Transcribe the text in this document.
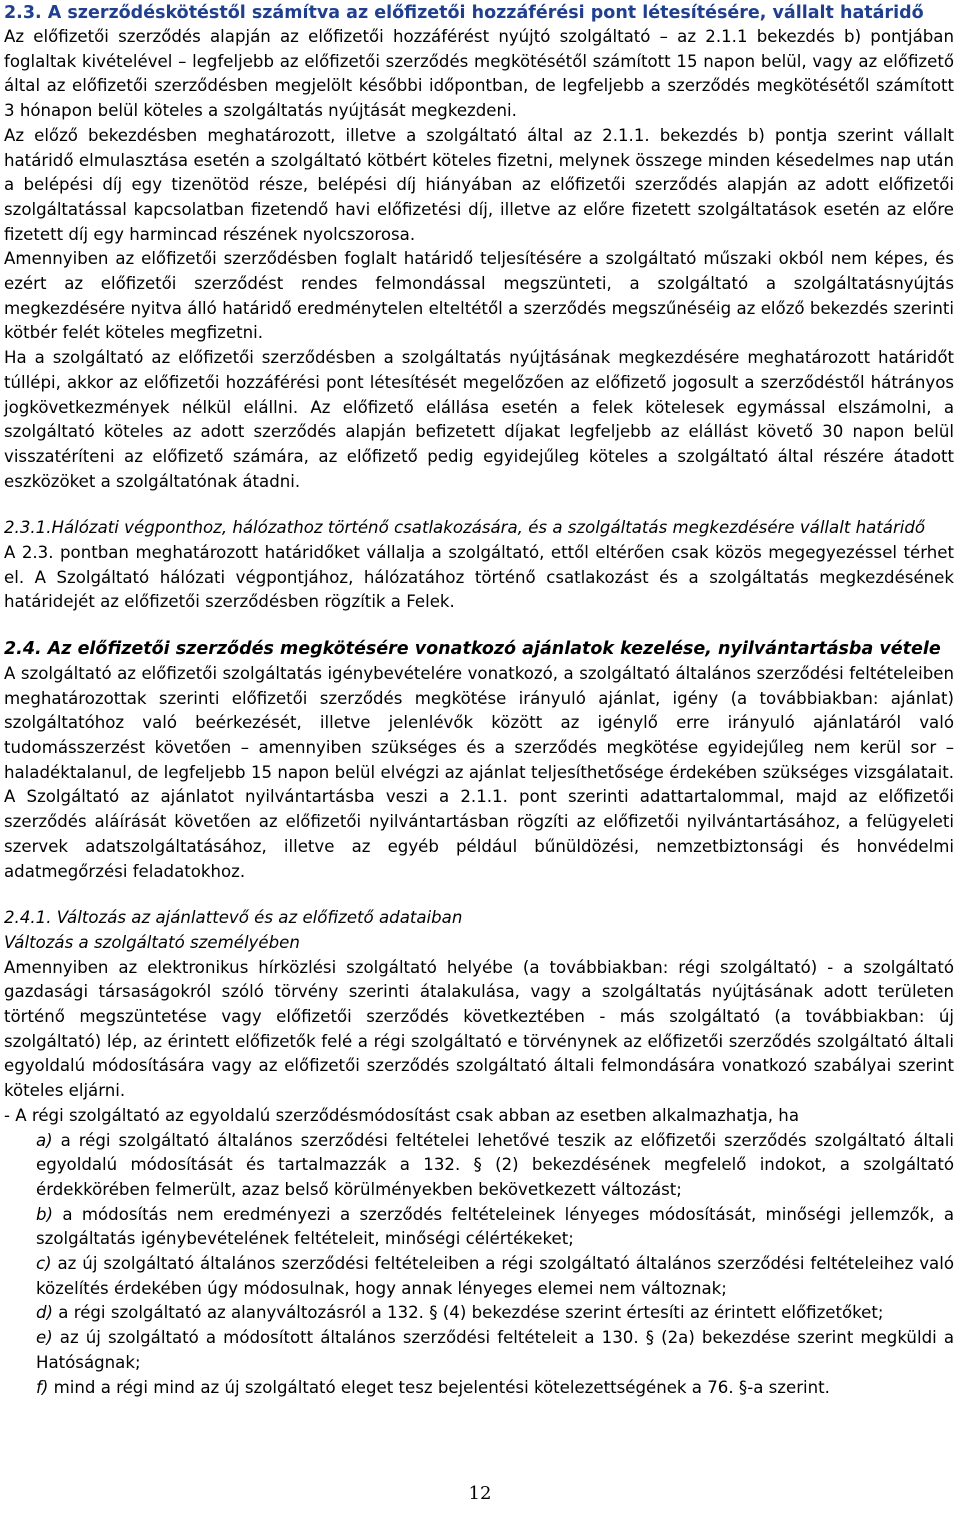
2.3. A szerződéskötéstől számítva az előfizetői hozzáférési pont létesítésére, vállalt határidő

Az előfizetői szerződés alapján az előfizetői hozzáférést nyújtó szolgáltató – az 2.1.1 bekezdés b) pontjában foglaltak kivételével – legfeljebb az előfizetői szerződés megkötésétől számított 15 napon belül, vagy az előfizető által az előfizetői szerződésben megjelölt későbbi időpontban, de legfeljebb a szerződés megkötésétől számított 3 hónapon belül köteles a szolgáltatás nyújtását megkezdeni.

Az előző bekezdésben meghatározott, illetve a szolgáltató által az 2.1.1. bekezdés b) pontja szerint vállalt határidő elmulasztása esetén a szolgáltató kötbért köteles fizetni, melynek összege minden késedelmes nap után a belépési díj egy tizenötöd része, belépési díj hiányában az előfizetői szerződés alapján az adott előfizetői szolgáltatással kapcsolatban fizetendő havi előfizetési díj, illetve az előre fizetett szolgáltatások esetén az előre fizetett díj egy harmincad részének nyolcszorosa.

Amennyiben az előfizetői szerződésben foglalt határidő teljesítésére a szolgáltató műszaki okból nem képes, és ezért az előfizetői szerződést rendes felmondással megszünteti, a szolgáltató a szolgáltatásnyújtás megkezdésére nyitva álló határidő eredménytelen elteltétől a szerződés megszűnéséig az előző bekezdés szerinti kötbér felét köteles megfizetni.

Ha a szolgáltató az előfizetői szerződésben a szolgáltatás nyújtásának megkezdésére meghatározott határidőt túllépi, akkor az előfizetői hozzáférési pont létesítését megelőzően az előfizető jogosult a szerződéstől hátrányos jogkövetkezmények nélkül elállni. Az előfizető elállása esetén a felek kötelesek egymással elszámolni, a szolgáltató köteles az adott szerződés alapján befizetett díjakat legfeljebb az elállást követő 30 napon belül visszatéríteni az előfizető számára, az előfizető pedig egyidejűleg köteles a szolgáltató által részére átadott eszközöket a szolgáltatónak átadni.

2.3.1.Hálózati végponthoz, hálózathoz történő csatlakozására, és a szolgáltatás megkezdésére vállalt határidő

A 2.3. pontban meghatározott határidőket vállalja a szolgáltató, ettől eltérően csak közös megegyezéssel térhet el. A Szolgáltató hálózati végpontjához, hálózatához történő csatlakozást és a szolgáltatás megkezdésének határidejét az előfizetői szerződésben rögzítik a Felek.

2.4. Az előfizetői szerződés megkötésére vonatkozó ajánlatok kezelése, nyilvántartásba vétele

A szolgáltató az előfizetői szolgáltatás igénybevételére vonatkozó, a szolgáltató általános szerződési feltételeiben meghatározottak szerinti előfizetői szerződés megkötése irányuló ajánlat, igény (a továbbiakban: ajánlat) szolgáltatóhoz való beérkezését, illetve jelenlévők között az igénylő erre irányuló ajánlatáról való tudomásszerzést követően – amennyiben szükséges és a szerződés megkötése egyidejűleg nem kerül sor – haladéktalanul, de legfeljebb 15 napon belül elvégzi az ajánlat teljesíthetősége érdekében szükséges vizsgálatait. A Szolgáltató az ajánlatot nyilvántartásba veszi a 2.1.1. pont szerinti adattartalommal, majd az előfizetői szerződés aláírását követően az előfizetői nyilvántartásban rögzíti az előfizetői nyilvántartásához, a felügyeleti szervek adatszolgáltatásához, illetve az egyéb például bűnüldözési, nemzetbiztonsági és honvédelmi adatmegőrzési feladatokhoz.

2.4.1. Változás az ajánlattevő és az előfizető adataiban

Változás a szolgáltató személyében

Amennyiben az elektronikus hírközlési szolgáltató helyébe (a továbbiakban: régi szolgáltató) - a szolgáltató gazdasági társaságokról szóló törvény szerinti átalakulása, vagy a szolgáltatás nyújtásának adott területen történő megszüntetése vagy előfizetői szerződés következtében - más szolgáltató (a továbbiakban: új szolgáltató) lép, az érintett előfizetők felé a régi szolgáltató e törvénynek az előfizetői szerződés szolgáltató általi egyoldalú módosítására vagy az előfizetői szerződés szolgáltató általi felmondására vonatkozó szabályai szerint köteles eljárni.

- A régi szolgáltató az egyoldalú szerződésmódosítást csak abban az esetben alkalmazhatja, ha

a) a régi szolgáltató általános szerződési feltételei lehetővé teszik az előfizetői szerződés szolgáltató általi egyoldalú módosítását és tartalmazzák a 132. § (2) bekezdésének megfelelő indokot, a szolgáltató érdekkörében felmerült, azaz belső körülményekben bekövetkezett változást;

b) a módosítás nem eredményezi a szerződés feltételeinek lényeges módosítását, minőségi jellemzők, a szolgáltatás igénybevételének feltételeit, minőségi célértékeket;

c) az új szolgáltató általános szerződési feltételeiben a régi szolgáltató általános szerződési feltételeihez való közelítés érdekében úgy módosulnak, hogy annak lényeges elemei nem változnak;

d) a régi szolgáltató az alanyváltozásról a 132. § (4) bekezdése szerint értesíti az érintett előfizetőket;

e) az új szolgáltató a módosított általános szerződési feltételeit a 130. § (2a) bekezdése szerint megküldi a Hatóságnak;

f) mind a régi mind az új szolgáltató eleget tesz bejelentési kötelezettségének a 76. §-a szerint.

12
